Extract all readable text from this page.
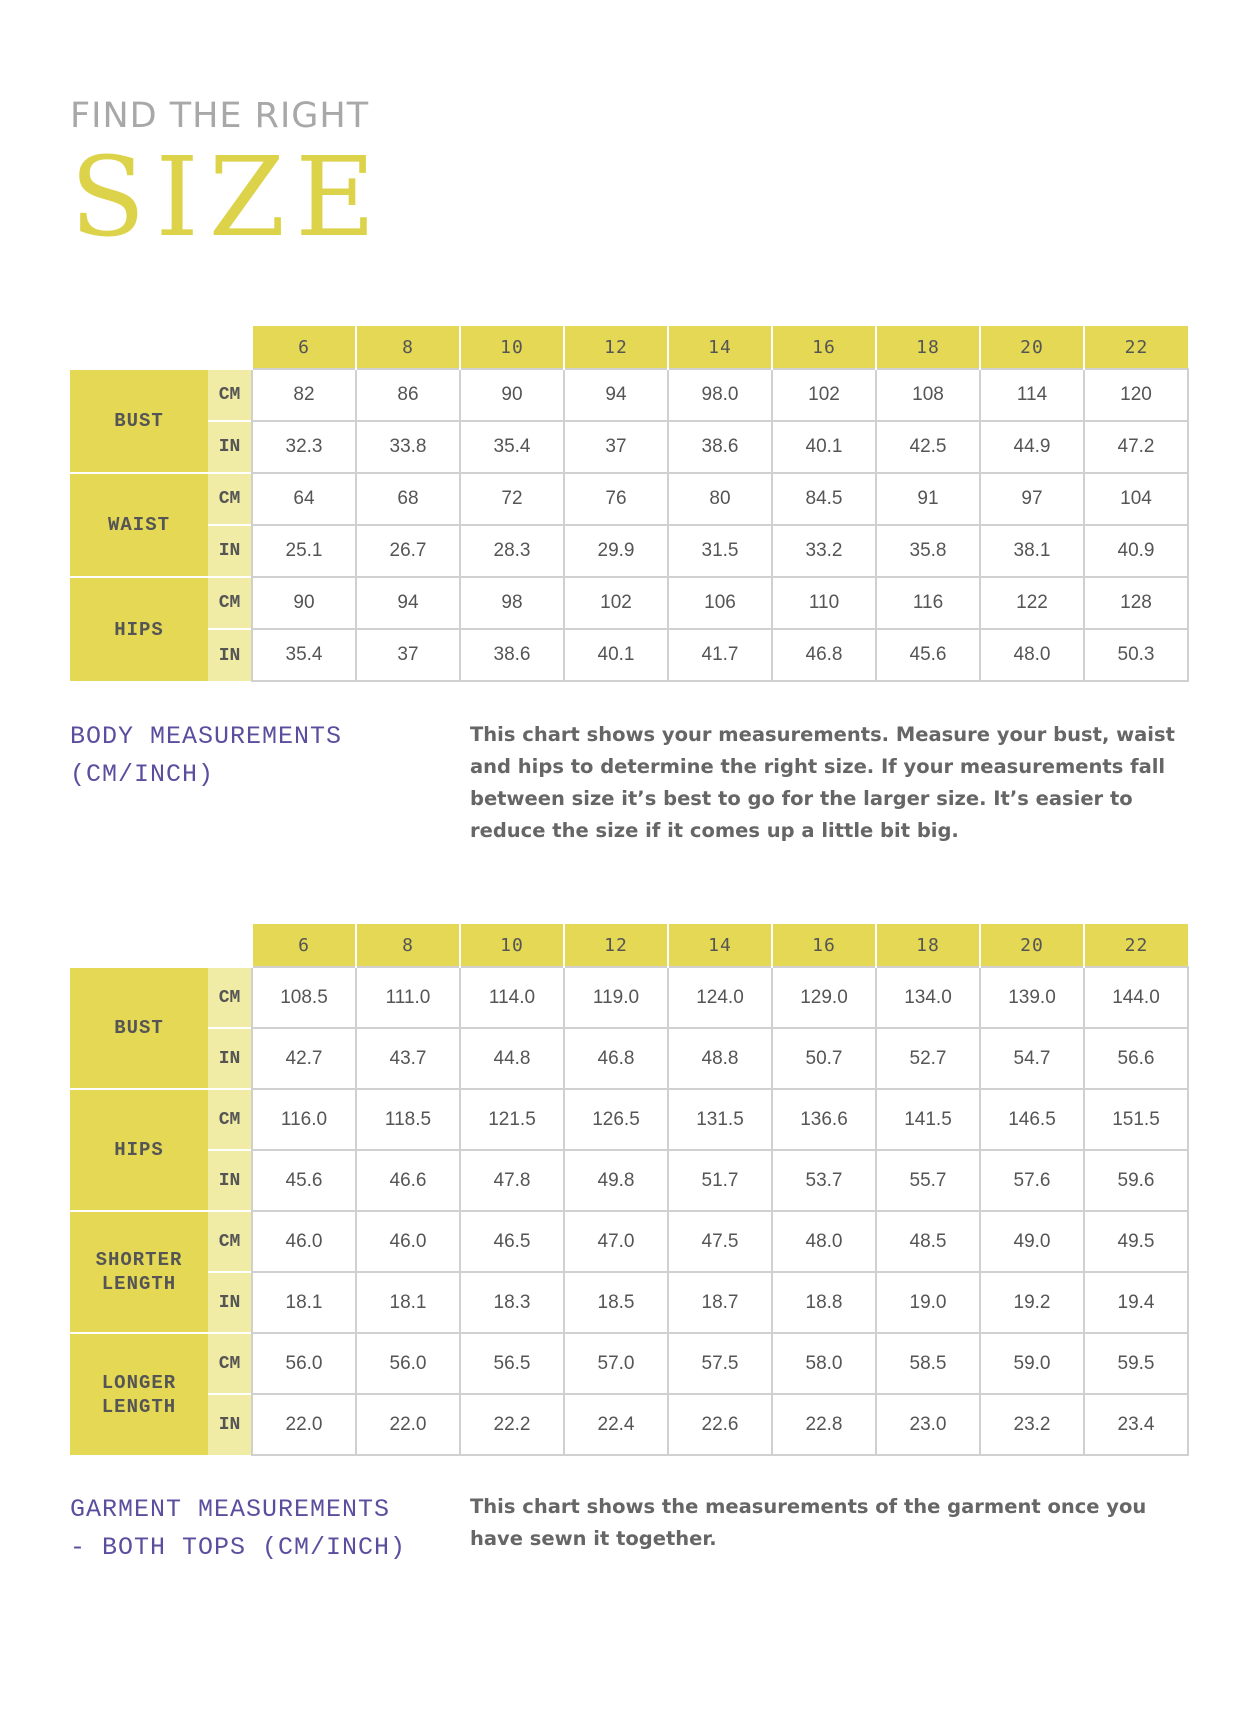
FIND THE RIGHT
SIZE
		6	8	10	12	14	16	18	20	22
BUST	CM	82	86	90	94	98.0	102	108	114	120
	IN	32.3	33.8	35.4	37	38.6	40.1	42.5	44.9	47.2
WAIST	CM	64	68	72	76	80	84.5	91	97	104
	IN	25.1	26.7	28.3	29.9	31.5	33.2	35.8	38.1	40.9
HIPS	CM	90	94	98	102	106	110	116	122	128
	IN	35.4	37	38.6	40.1	41.7	46.8	45.6	48.0	50.3
BODY MEASUREMENTS
(CM/INCH)
This chart shows your measurements. Measure your bust, waist and hips to determine the right size. If your measurements fall between size it’s best to go for the larger size. It’s easier to reduce the size if it comes up a little bit big.
		6	8	10	12	14	16	18	20	22
BUST	CM	108.5	111.0	114.0	119.0	124.0	129.0	134.0	139.0	144.0
	IN	42.7	43.7	44.8	46.8	48.8	50.7	52.7	54.7	56.6
HIPS	CM	116.0	118.5	121.5	126.5	131.5	136.6	141.5	146.5	151.5
	IN	45.6	46.6	47.8	49.8	51.7	53.7	55.7	57.6	59.6
SHORTER LENGTH	CM	46.0	46.0	46.5	47.0	47.5	48.0	48.5	49.0	49.5
	IN	18.1	18.1	18.3	18.5	18.7	18.8	19.0	19.2	19.4
LONGER LENGTH	CM	56.0	56.0	56.5	57.0	57.5	58.0	58.5	59.0	59.5
	IN	22.0	22.0	22.2	22.4	22.6	22.8	23.0	23.2	23.4
GARMENT MEASUREMENTS
- BOTH TOPS (CM/INCH)
This chart shows the measurements of the garment once you have sewn it together.
